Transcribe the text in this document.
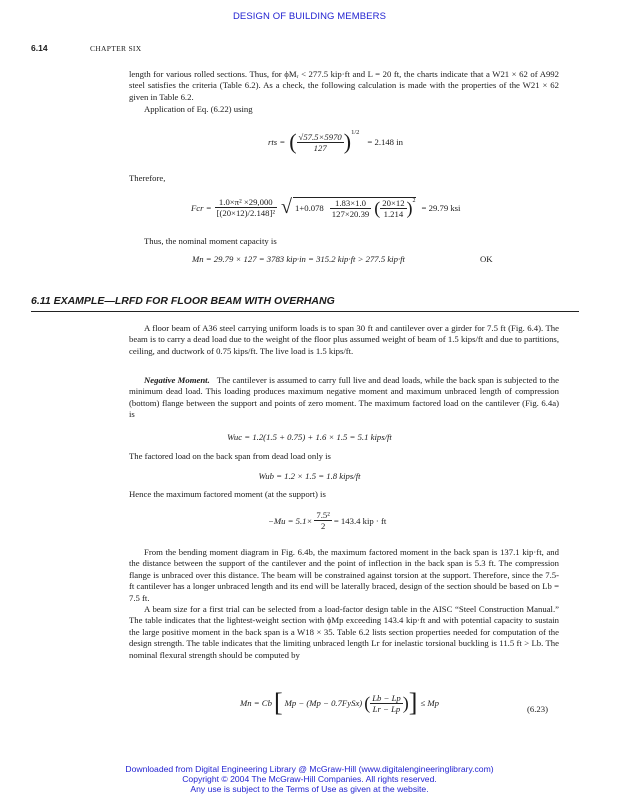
DESIGN OF BUILDING MEMBERS
6.14	CHAPTER SIX

length for various rolled sections. Thus, for ϕMᵣ < 277.5 kip·ft and L = 20 ft, the charts indicate that a W21 × 62 of A992 steel satisfies the criteria (Table 6.2). As a check, the following calculation is made with the properties of the W21 × 62 given in Table 6.2.

Application of Eq. (6.22) using

rts = ( $\frac{√57.5\times 5970}{127} )^{1/2}$
= 2.148 in

Therefore,

Fcr = $\frac{\text{1.0×π² ×29,000}}{\text{[(20×12)/2.148]²}}$ √ $1+0.078 \frac{1.83\times 1.0}{127\times 20.39}$ ( $\frac{20\times 12}{1.214} )^2$
= 29.79 ksi

Thus, the nominal moment capacity is

Mn = 29.79 × 127 = 3783 kip·in = 315.2 kip·ft > 277.5 kip·ft	OK
6.11 EXAMPLE—LRFD FOR FLOOR BEAM WITH OVERHANG

A floor beam of A36 steel carrying uniform loads is to span 30 ft and cantilever over a girder for 7.5 ft (Fig. 6.4). The beam is to carry a dead load due to the weight of the floor plus assumed weight of beam of 1.5 kips/ft and due to partitions, ceiling, and ductwork of 0.75 kips/ft. The live load is 1.5 kips/ft.

Negative Moment. The cantilever is assumed to carry full live and dead loads, while the back span is subjected to the minimum dead load. This loading produces maximum negative moment and maximum unbraced length of compression (bottom) flange between the support and points of zero moment. The maximum factored load on the cantilever (Fig. 6.4a) is

Wuc = 1.2(1.5 + 0.75) + 1.6 × 1.5 = 5.1 kips/ft

The factored load on the back span from dead load only is

Wub = 1.2 × 1.5 = 1.8 kips/ft

Hence the maximum factored moment (at the support) is

$-Mu = 5.1\times \frac{\text{7.5²}}{2} = 143.4$ kip · ft

From the bending moment diagram in Fig. 6.4b, the maximum factored moment in the back span is 137.1 kip·ft, and the distance between the support of the cantilever and the point of inflection in the back span is 5.3 ft. The compression flange is unbraced over this distance. The beam will be constrained against torsion at the support. Therefore, since the 7.5-ft cantilever has a longer unbraced length and its end will be laterally braced, design of the section should be based on Lb = 7.5 ft.

A beam size for a first trial can be selected from a load-factor design table in the AISC “Steel Construction Manual.” The table indicates that the lightest-weight section with ϕMp exceeding 143.4 kip·ft and with potential capacity to sustain the large positive moment in the back span is a W18 × 35. Table 6.2 lists section properties needed for computation of the design strength. The table indicates that the limiting unbraced length Lr for inelastic torsional buckling is 11.5 ft > Lb. The nominal flexural strength should be computed by

Mn = Cb [ Mp − (Mp − 0.7FySx) ( $\frac{Lb - Lp}{Lr - Lp}$ ) ] ≤ Mp
(6.23)
Downloaded from Digital Engineering Library @ McGraw-Hill (www.digitalengineeringlibrary.com)
Copyright © 2004 The McGraw-Hill Companies. All rights reserved.
Any use is subject to the Terms of Use as given at the website.
